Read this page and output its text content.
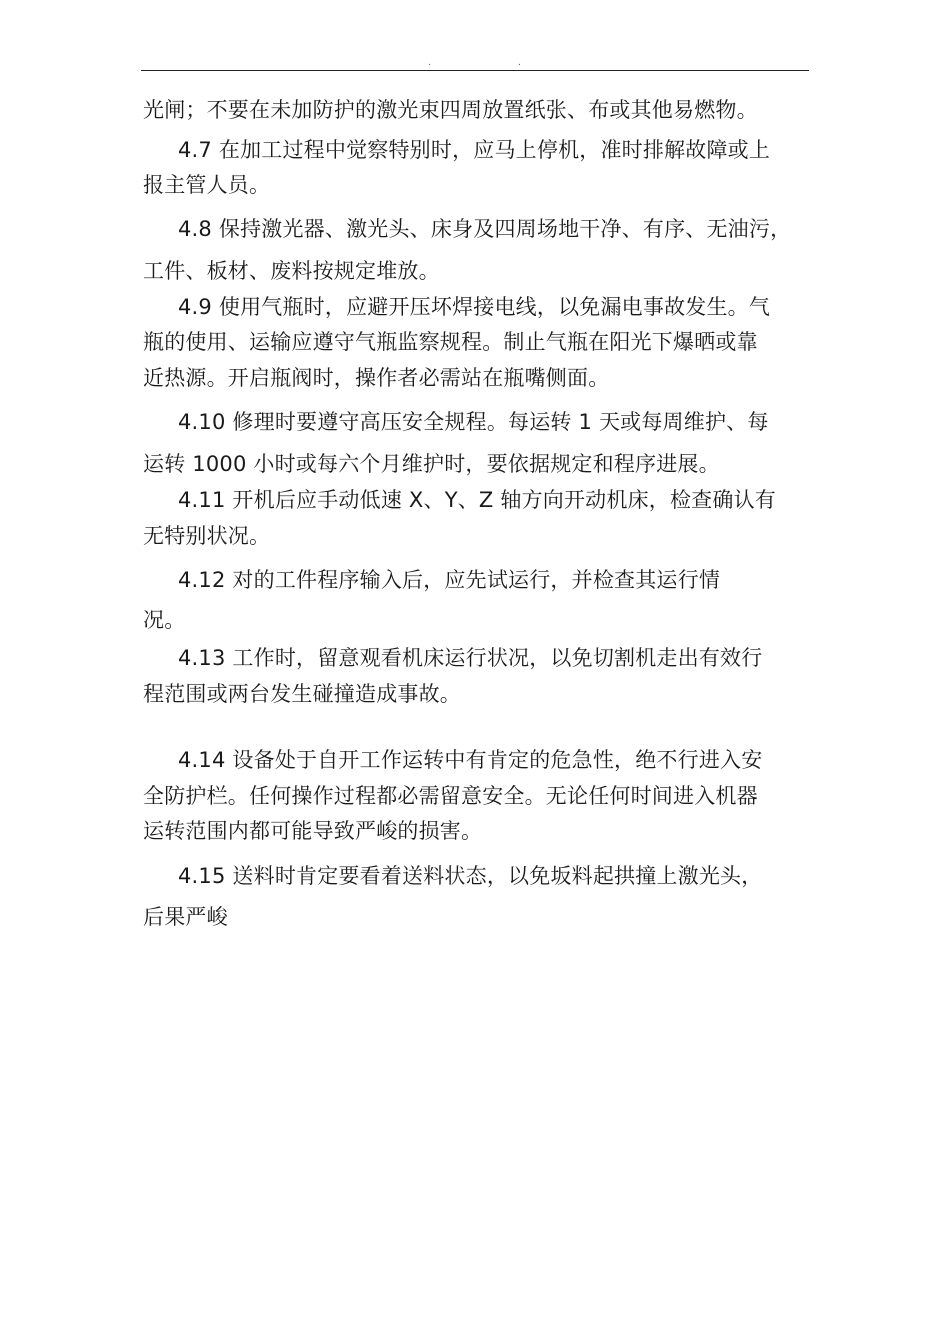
.	.
光闸；不要在未加防护的激光束四周放置纸张、布或其他易燃物。
4.7 在加工过程中觉察特别时，应马上停机，准时排解故障或上
报主管人员。
4.8 保持激光器、激光头、床身及四周场地干净、有序、无油污，
工件、板材、废料按规定堆放。
4.9 使用气瓶时，应避开压坏焊接电线，以免漏电事故发生。气
瓶的使用、运输应遵守气瓶监察规程。制止气瓶在阳光下爆晒或靠
近热源。开启瓶阀时，操作者必需站在瓶嘴侧面。
4.10 修理时要遵守高压安全规程。每运转 1 天或每周维护、每
运转 1000 小时或每六个月维护时，要依据规定和程序进展。
4.11 开机后应手动低速 X、Y、Z 轴方向开动机床，检查确认有
无特别状况。
4.12 对的工件程序输入后，应先试运行，并检查其运行情
况。
4.13 工作时，留意观看机床运行状况，以免切割机走出有效行
程范围或两台发生碰撞造成事故。
4.14 设备处于自开工作运转中有肯定的危急性，绝不行进入安
全防护栏。任何操作过程都必需留意安全。无论任何时间进入机器
运转范围内都可能导致严峻的损害。
4.15 送料时肯定要看着送料状态，以免坂料起拱撞上激光头，
后果严峻
